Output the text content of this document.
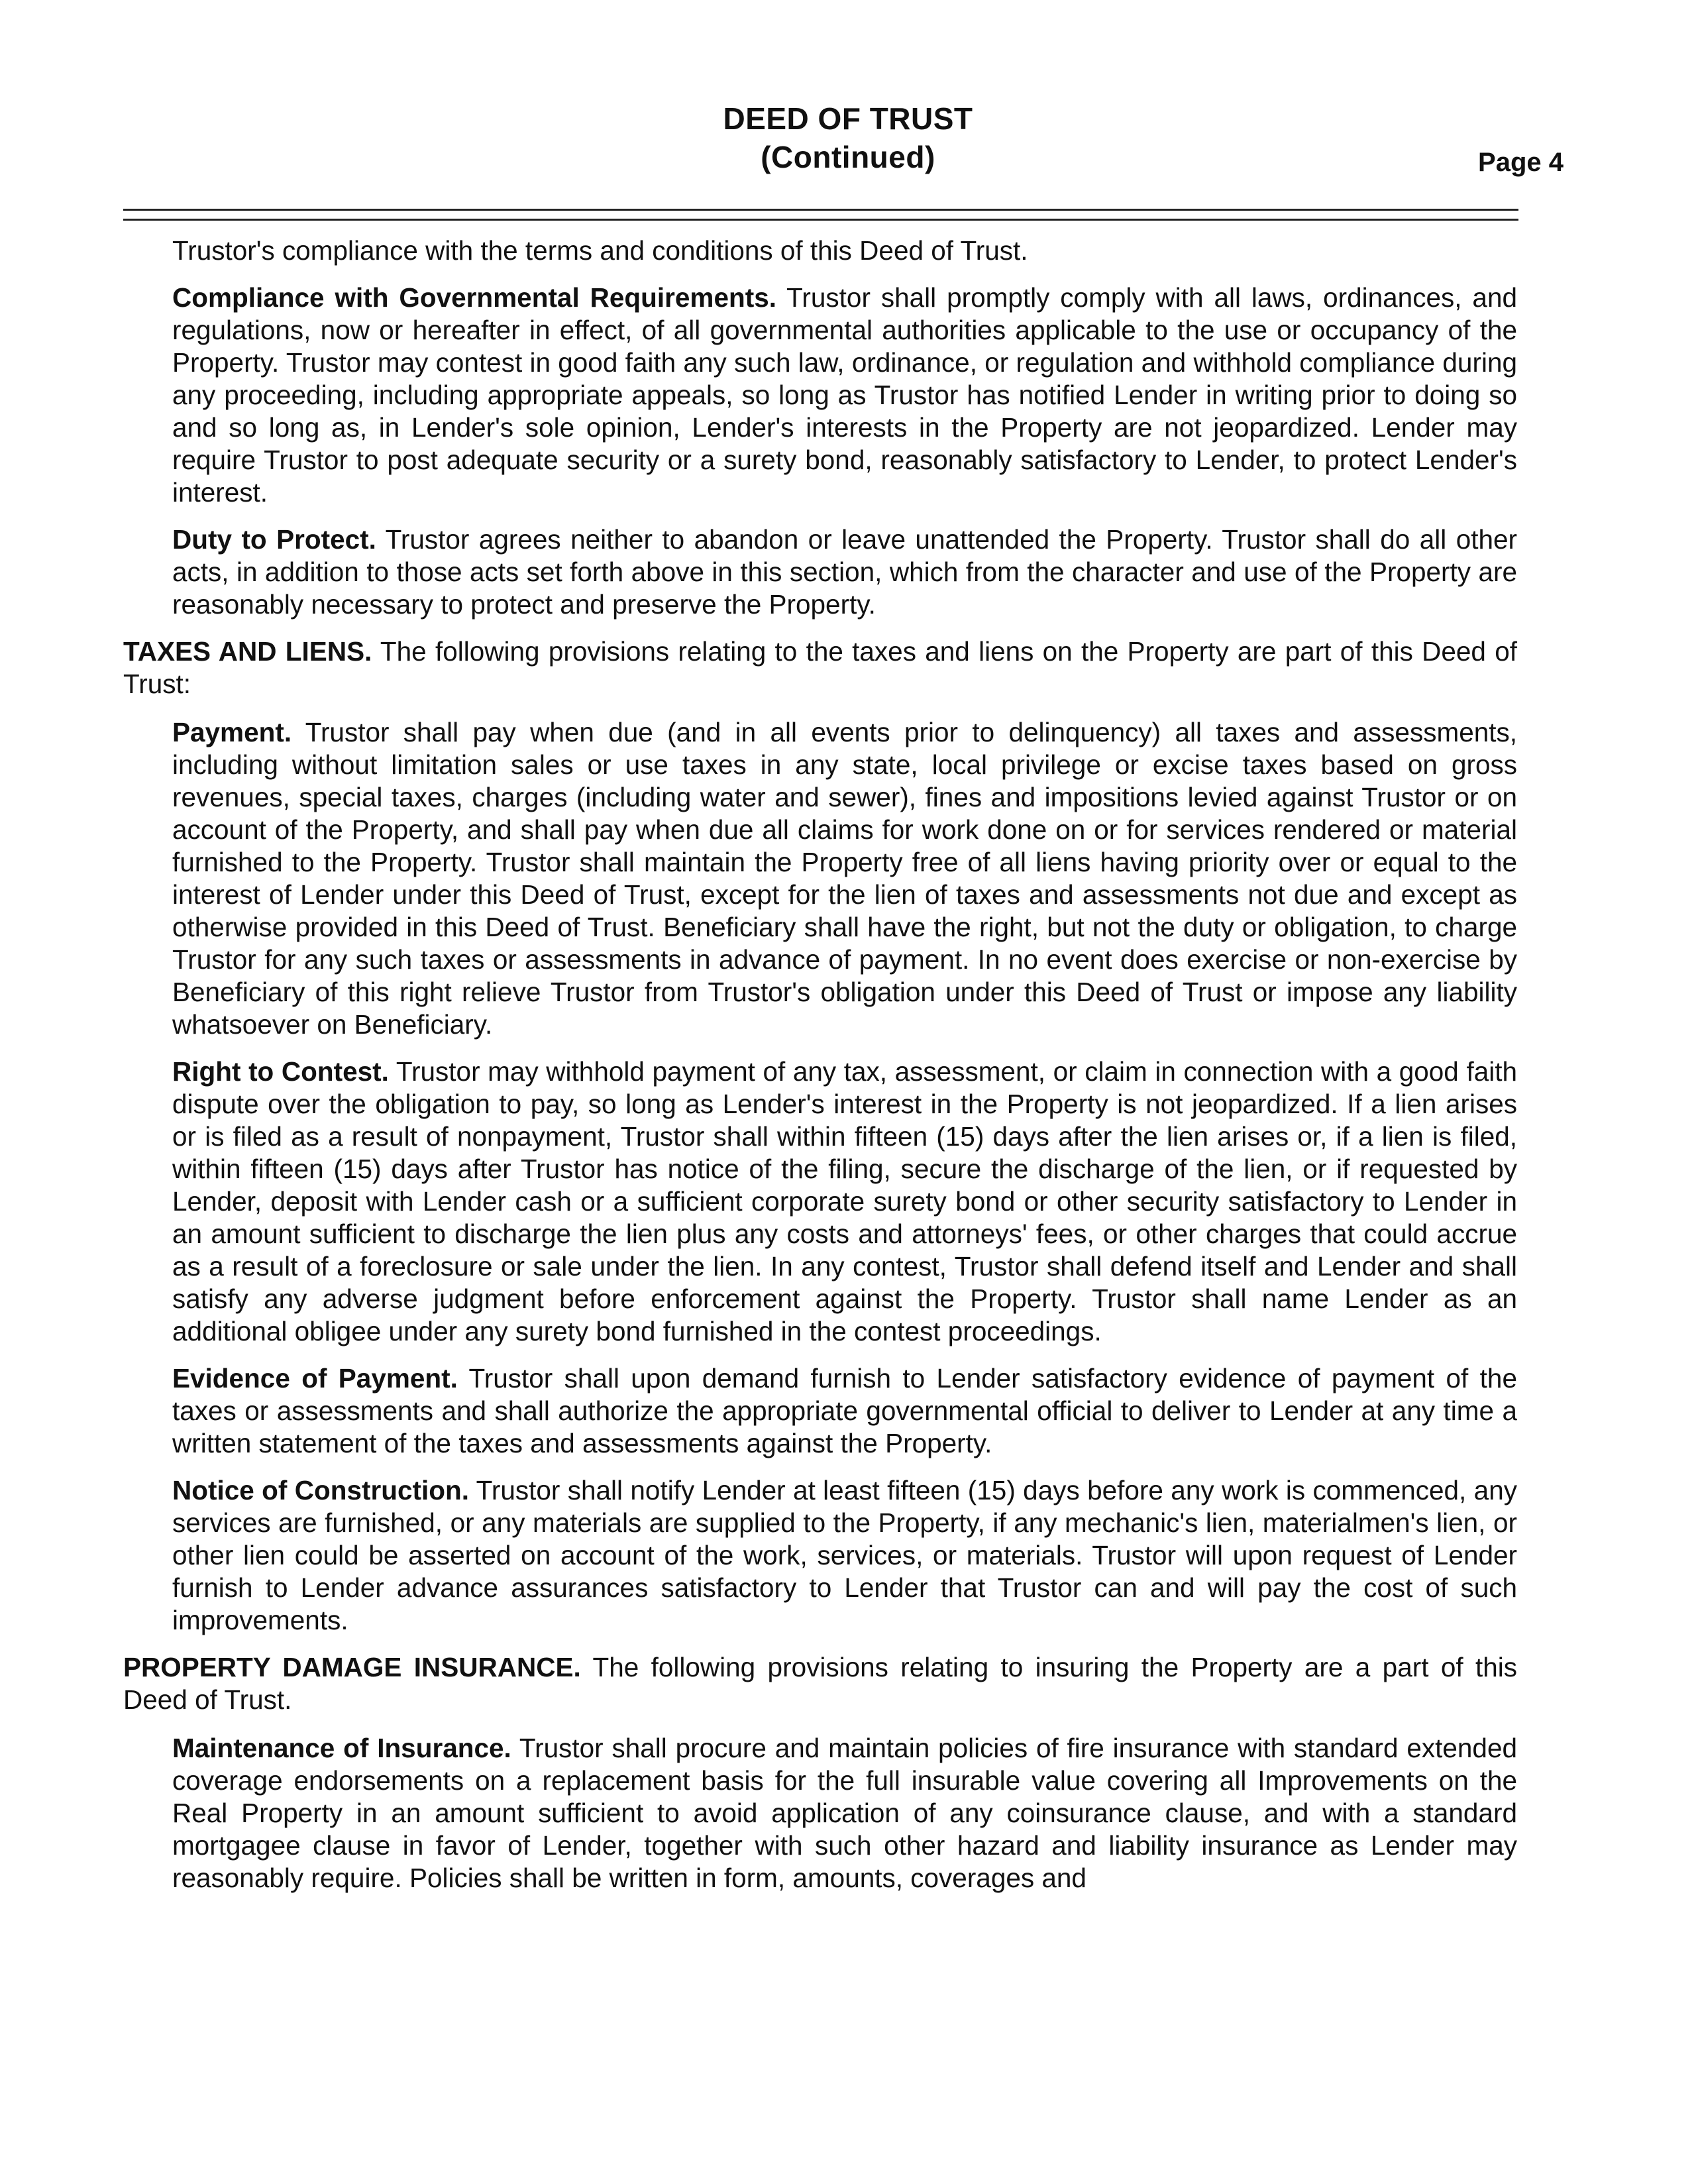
DEED OF TRUST
(Continued)	Page 4

Trustor's compliance with the terms and conditions of this Deed of Trust.

Compliance with Governmental Requirements. Trustor shall promptly comply with all laws, ordinances, and regulations, now or hereafter in effect, of all governmental authorities applicable to the use or occupancy of the Property. Trustor may contest in good faith any such law, ordinance, or regulation and withhold compliance during any proceeding, including appropriate appeals, so long as Trustor has notified Lender in writing prior to doing so and so long as, in Lender's sole opinion, Lender's interests in the Property are not jeopardized. Lender may require Trustor to post adequate security or a surety bond, reasonably satisfactory to Lender, to protect Lender's interest.

Duty to Protect. Trustor agrees neither to abandon or leave unattended the Property. Trustor shall do all other acts, in addition to those acts set forth above in this section, which from the character and use of the Property are reasonably necessary to protect and preserve the Property.

TAXES AND LIENS. The following provisions relating to the taxes and liens on the Property are part of this Deed of Trust:

Payment. Trustor shall pay when due (and in all events prior to delinquency) all taxes and assessments, including without limitation sales or use taxes in any state, local privilege or excise taxes based on gross revenues, special taxes, charges (including water and sewer), fines and impositions levied against Trustor or on account of the Property, and shall pay when due all claims for work done on or for services rendered or material furnished to the Property. Trustor shall maintain the Property free of all liens having priority over or equal to the interest of Lender under this Deed of Trust, except for the lien of taxes and assessments not due and except as otherwise provided in this Deed of Trust. Beneficiary shall have the right, but not the duty or obligation, to charge Trustor for any such taxes or assessments in advance of payment. In no event does exercise or non-exercise by Beneficiary of this right relieve Trustor from Trustor's obligation under this Deed of Trust or impose any liability whatsoever on Beneficiary.

Right to Contest. Trustor may withhold payment of any tax, assessment, or claim in connection with a good faith dispute over the obligation to pay, so long as Lender's interest in the Property is not jeopardized. If a lien arises or is filed as a result of nonpayment, Trustor shall within fifteen (15) days after the lien arises or, if a lien is filed, within fifteen (15) days after Trustor has notice of the filing, secure the discharge of the lien, or if requested by Lender, deposit with Lender cash or a sufficient corporate surety bond or other security satisfactory to Lender in an amount sufficient to discharge the lien plus any costs and attorneys' fees, or other charges that could accrue as a result of a foreclosure or sale under the lien. In any contest, Trustor shall defend itself and Lender and shall satisfy any adverse judgment before enforcement against the Property. Trustor shall name Lender as an additional obligee under any surety bond furnished in the contest proceedings.

Evidence of Payment. Trustor shall upon demand furnish to Lender satisfactory evidence of payment of the taxes or assessments and shall authorize the appropriate governmental official to deliver to Lender at any time a written statement of the taxes and assessments against the Property.

Notice of Construction. Trustor shall notify Lender at least fifteen (15) days before any work is commenced, any services are furnished, or any materials are supplied to the Property, if any mechanic's lien, materialmen's lien, or other lien could be asserted on account of the work, services, or materials. Trustor will upon request of Lender furnish to Lender advance assurances satisfactory to Lender that Trustor can and will pay the cost of such improvements.

PROPERTY DAMAGE INSURANCE. The following provisions relating to insuring the Property are a part of this Deed of Trust.

Maintenance of Insurance. Trustor shall procure and maintain policies of fire insurance with standard extended coverage endorsements on a replacement basis for the full insurable value covering all Improvements on the Real Property in an amount sufficient to avoid application of any coinsurance clause, and with a standard mortgagee clause in favor of Lender, together with such other hazard and liability insurance as Lender may reasonably require. Policies shall be written in form, amounts, coverages and
